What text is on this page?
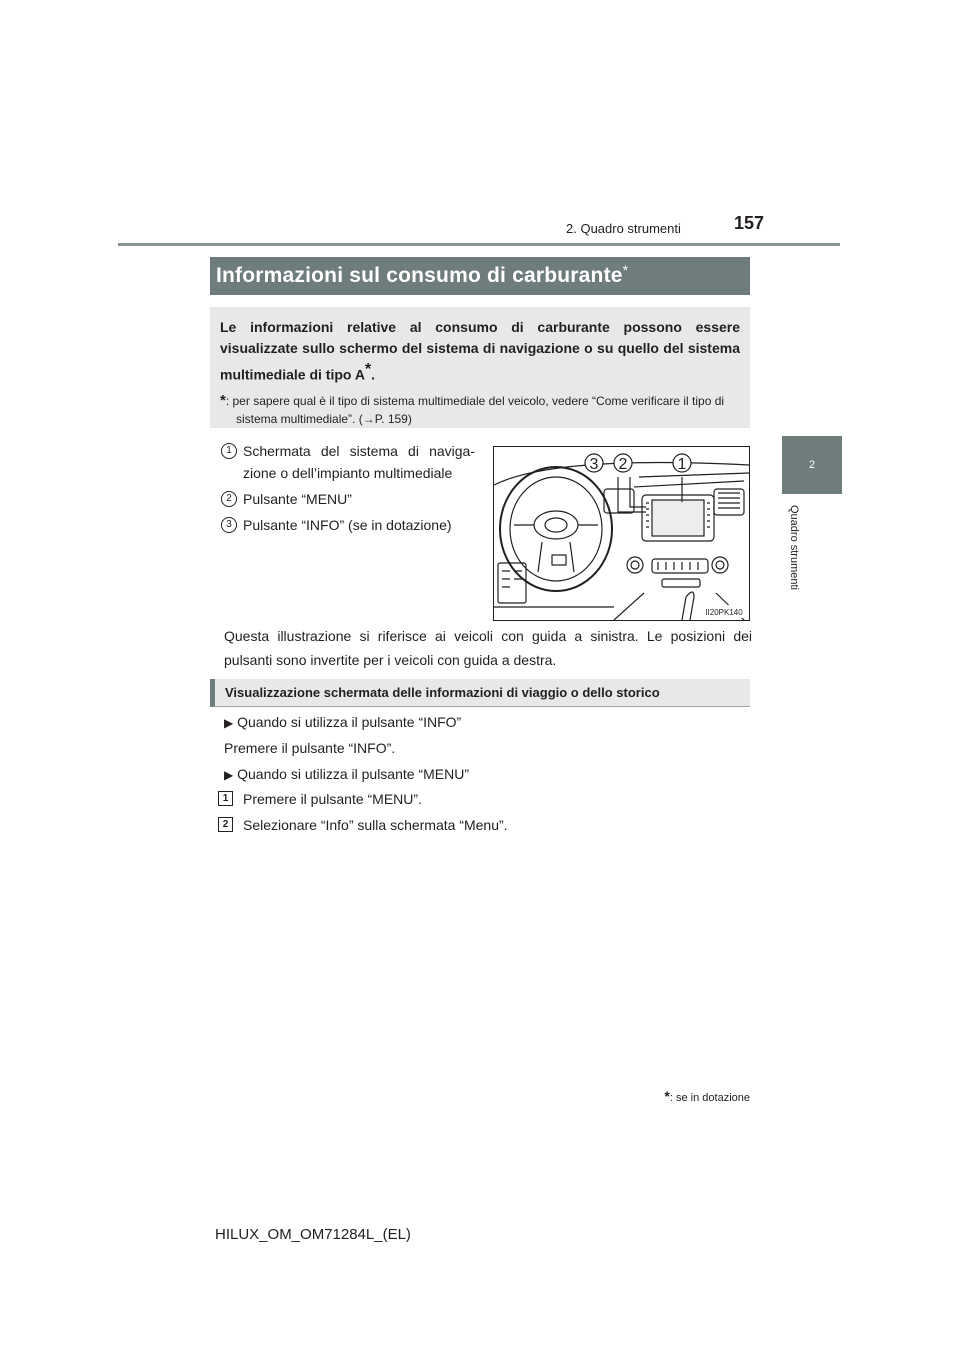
157
2. Quadro strumenti
2
Quadro strumenti
Informazioni sul consumo di carburante*
Le informazioni relative al consumo di carburante possono essere visualizzate sullo schermo del sistema di navigazione o su quello del sistema multimediale di tipo A*.
*: per sapere qual è il tipo di sistema multimediale del veicolo, vedere “Come verificare il tipo di sistema multimediale”. (→P. 159)
1 Schermata del sistema di navigazione o dell’impianto multimediale
2 Pulsante “MENU”
3 Pulsante “INFO” (se in dotazione)
3 2	1
II20PK140
Questa illustrazione si riferisce ai veicoli con guida a sinistra. Le posizioni dei pulsanti sono invertite per i veicoli con guida a destra.
Visualizzazione schermata delle informazioni di viaggio o dello storico
▶ Quando si utilizza il pulsante “INFO”
Premere il pulsante “INFO”.
▶ Quando si utilizza il pulsante “MENU”
1	Premere il pulsante “MENU”.
2	Selezionare “Info” sulla schermata “Menu”.
*: se in dotazione
HILUX_OM_OM71284L_(EL)
